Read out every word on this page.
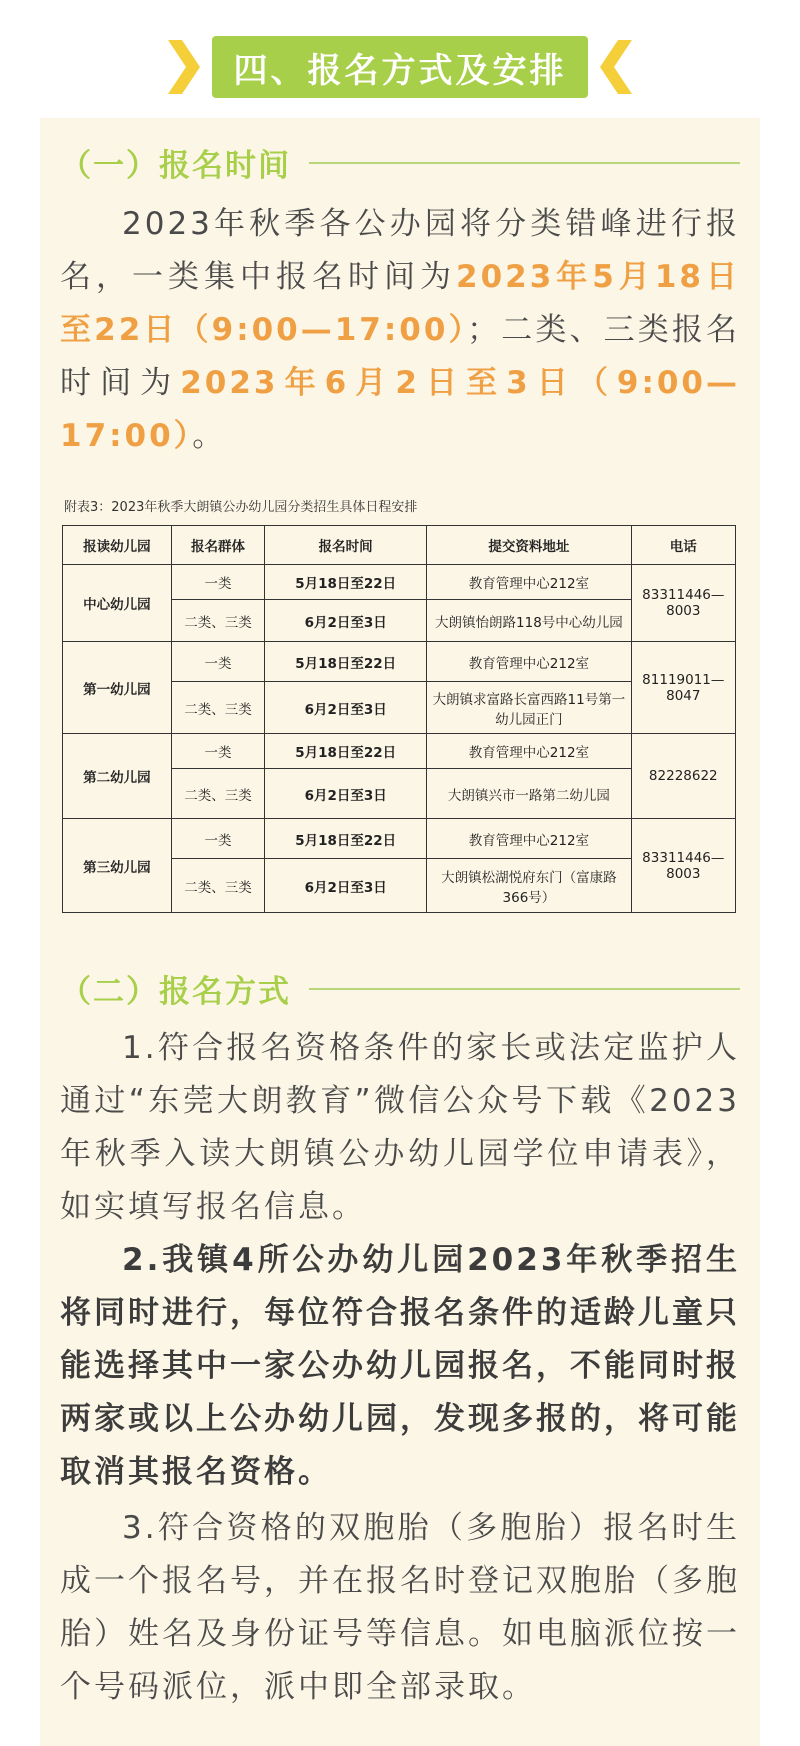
四、报名方式及安排
（一）报名时间
2023年秋季各公办园将分类错峰进行报名，一类集中报名时间为2023年5月18日至22日（9:00—17:00）；二类、三类报名时间为2023年6月2日至3日（9:00—17:00）。
附表3：2023年秋季大朗镇公办幼儿园分类招生具体日程安排
报读幼儿园	报名群体	报名时间	提交资料地址	电话
中心幼儿园	一类	5月18日至22日	教育管理中心212室	83311446—8003
	二类、三类	6月2日至3日	大朗镇怡朗路118号中心幼儿园	
第一幼儿园	一类	5月18日至22日	教育管理中心212室	81119011—8047
	二类、三类	6月2日至3日	大朗镇求富路长富西路11号第一幼儿园正门	
第二幼儿园	一类	5月18日至22日	教育管理中心212室	82228622
	二类、三类	6月2日至3日	大朗镇兴市一路第二幼儿园	
第三幼儿园	一类	5月18日至22日	教育管理中心212室	83311446—8003
	二类、三类	6月2日至3日	大朗镇松湖悦府东门（富康路366号）	
（二）报名方式
1.符合报名资格条件的家长或法定监护人通过“东莞大朗教育”微信公众号下载《2023年秋季入读大朗镇公办幼儿园学位申请表》，如实填写报名信息。
2.我镇4所公办幼儿园2023年秋季招生将同时进行，每位符合报名条件的适龄儿童只能选择其中一家公办幼儿园报名，不能同时报两家或以上公办幼儿园，发现多报的，将可能取消其报名资格。
3.符合资格的双胞胎（多胞胎）报名时生成一个报名号，并在报名时登记双胞胎（多胞胎）姓名及身份证号等信息。如电脑派位按一个号码派位，派中即全部录取。
